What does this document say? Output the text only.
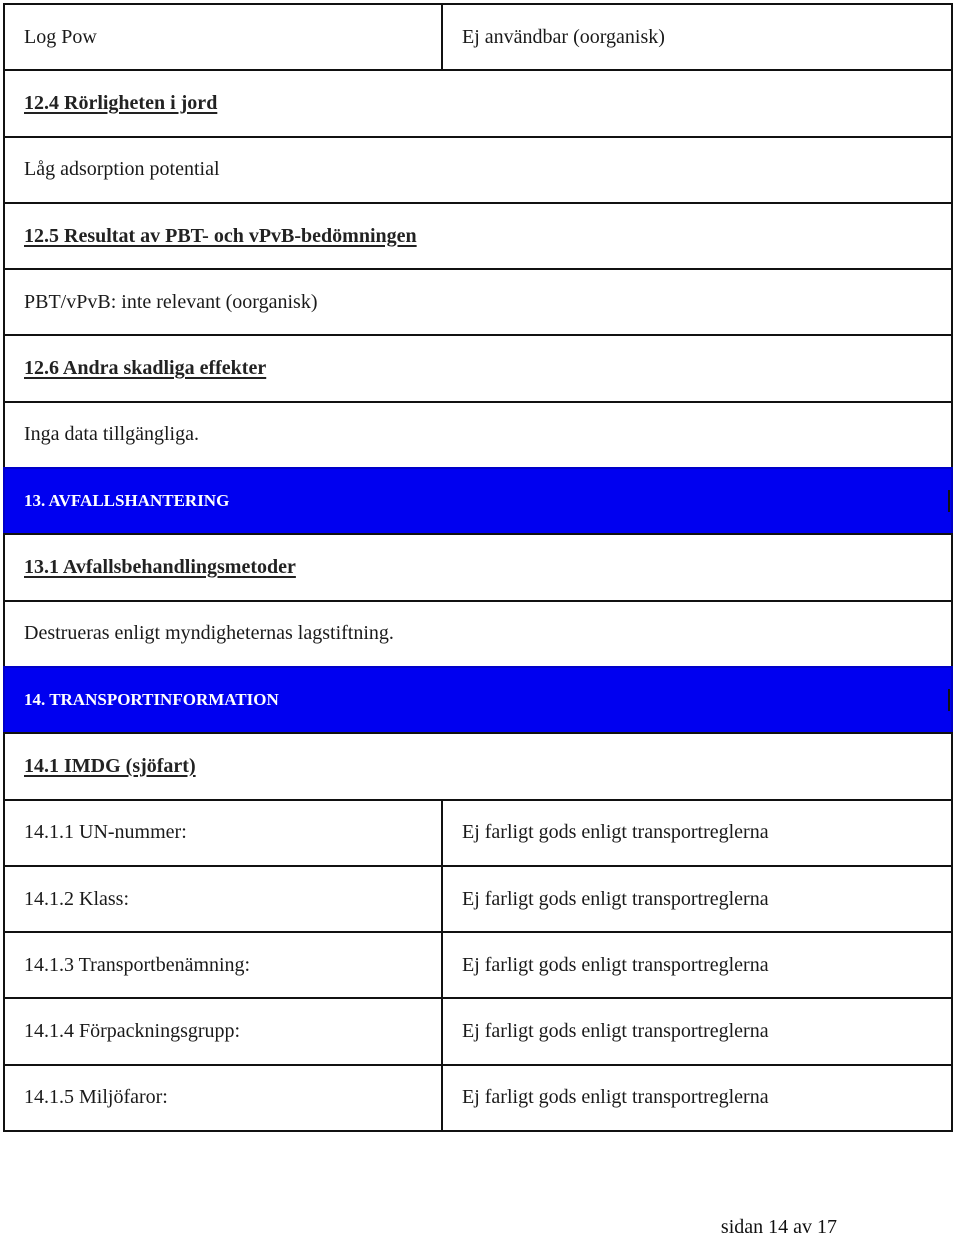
Log Pow	Ej användbar (oorganisk)
12.4 Rörligheten i jord
Låg adsorption potential
12.5 Resultat av PBT- och vPvB-bedömningen
PBT/vPvB: inte relevant (oorganisk)
12.6 Andra skadliga effekter
Inga data tillgängliga.
13. AVFALLSHANTERING
13.1 Avfallsbehandlingsmetoder
Destrueras enligt myndigheternas lagstiftning.
14. TRANSPORTINFORMATION
14.1 IMDG (sjöfart)
14.1.1 UN-nummer:	Ej farligt gods enligt transportreglerna
14.1.2 Klass:	Ej farligt gods enligt transportreglerna
14.1.3 Transportbenämning:	Ej farligt gods enligt transportreglerna
14.1.4 Förpackningsgrupp:	Ej farligt gods enligt transportreglerna
14.1.5 Miljöfaror:	Ej farligt gods enligt transportreglerna
sidan 14 av 17
